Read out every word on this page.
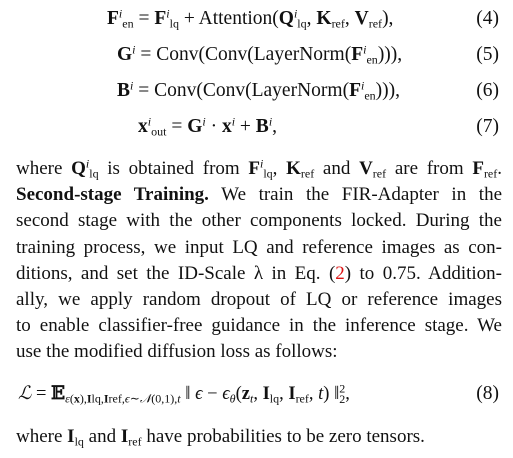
$F^i_{en} = F^i_{lq}$ + $Attention(Q^i_{lq}$, $K_{ref}$, $V_{ref}$),	(4)
$G^i$ = $Conv(Conv(LayerNorm(F^i_{en})))$,	(5)
$B^i$ = $Conv(Conv(LayerNorm(F^i_{en})))$,	(6)
$x^i_{out} = G^i \cdot x^i + B^i$,	(7)
where $Q^i_{lq}$ is obtained from $F^i_{lq}$, $K_{ref}$ and $V_{ref}$ are from $F_{ref}$.
Second-stage Training. We train the FIR-Adapter in the
second stage with the other components locked. During the
training process, we input LQ and reference images as con-
ditions, and set the ID-Scale λ in Eq. (2) to 0.75. Addition-
ally, we apply random dropout of LQ or reference images
to enable classifier-free guidance in the inference stage. We
use the modified diffusion loss as follows:
ℒ = 𝔼$_{\varepsilon(x),Ilq,Iref,\epsilon\sim 𝒩(0,1),t}$ ‖ $\epsilon - \epsilon_\theta(z_t$, $I_{lq}$, $I_{ref}$, t) ‖$^2_2$,	(8)
where $I_{lq}$ and $I_{ref}$ have probabilities to be zero tensors.
